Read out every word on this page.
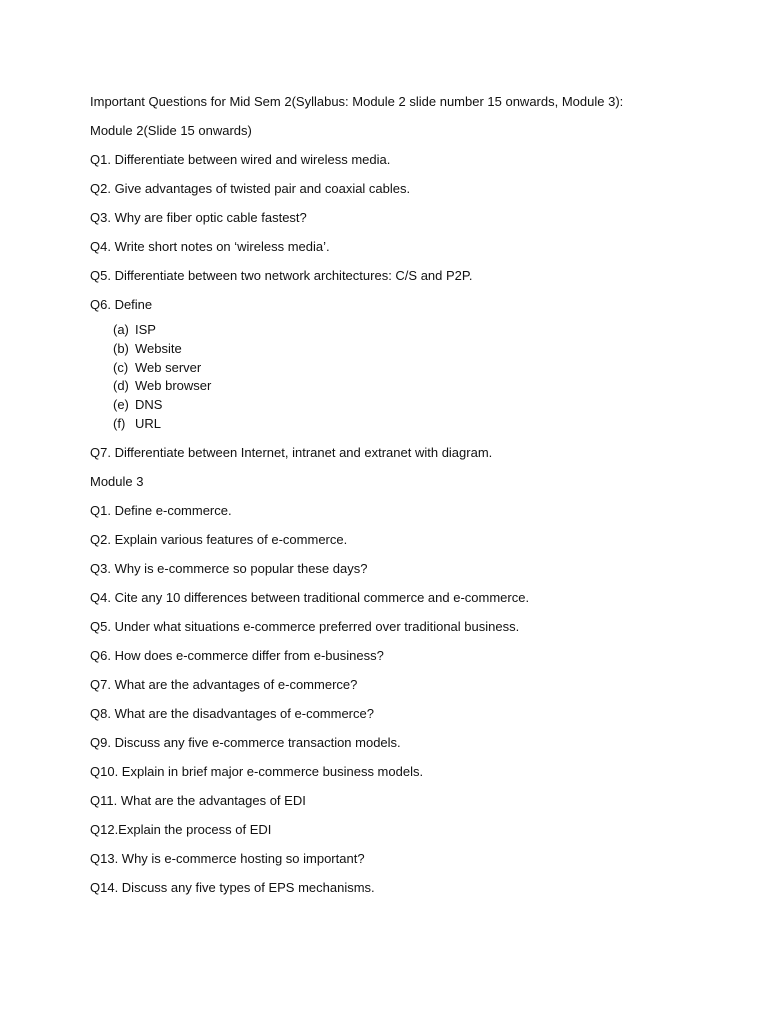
Important Questions for Mid Sem 2(Syllabus: Module 2 slide number 15 onwards, Module 3):

Module 2(Slide 15 onwards)

Q1. Differentiate between wired and wireless media.

Q2. Give advantages of twisted pair and coaxial cables.

Q3. Why are fiber optic cable fastest?

Q4. Write short notes on ‘wireless media’.

Q5. Differentiate between two network architectures: C/S and P2P.

Q6. Define

(a) ISP
(b) Website
(c) Web server
(d) Web browser
(e) DNS
(f) URL

Q7. Differentiate between Internet, intranet and extranet with diagram.

Module 3

Q1. Define e-commerce.

Q2. Explain various features of e-commerce.

Q3. Why is e-commerce so popular these days?

Q4. Cite any 10 differences between traditional commerce and e-commerce.

Q5. Under what situations e-commerce preferred over traditional business.

Q6. How does e-commerce differ from e-business?

Q7. What are the advantages of e-commerce?

Q8. What are the disadvantages of e-commerce?

Q9. Discuss any five e-commerce transaction models.

Q10. Explain in brief major e-commerce business models.

Q11. What are the advantages of EDI

Q12.Explain the process of EDI

Q13. Why is e-commerce hosting so important?

Q14. Discuss any five types of EPS mechanisms.
